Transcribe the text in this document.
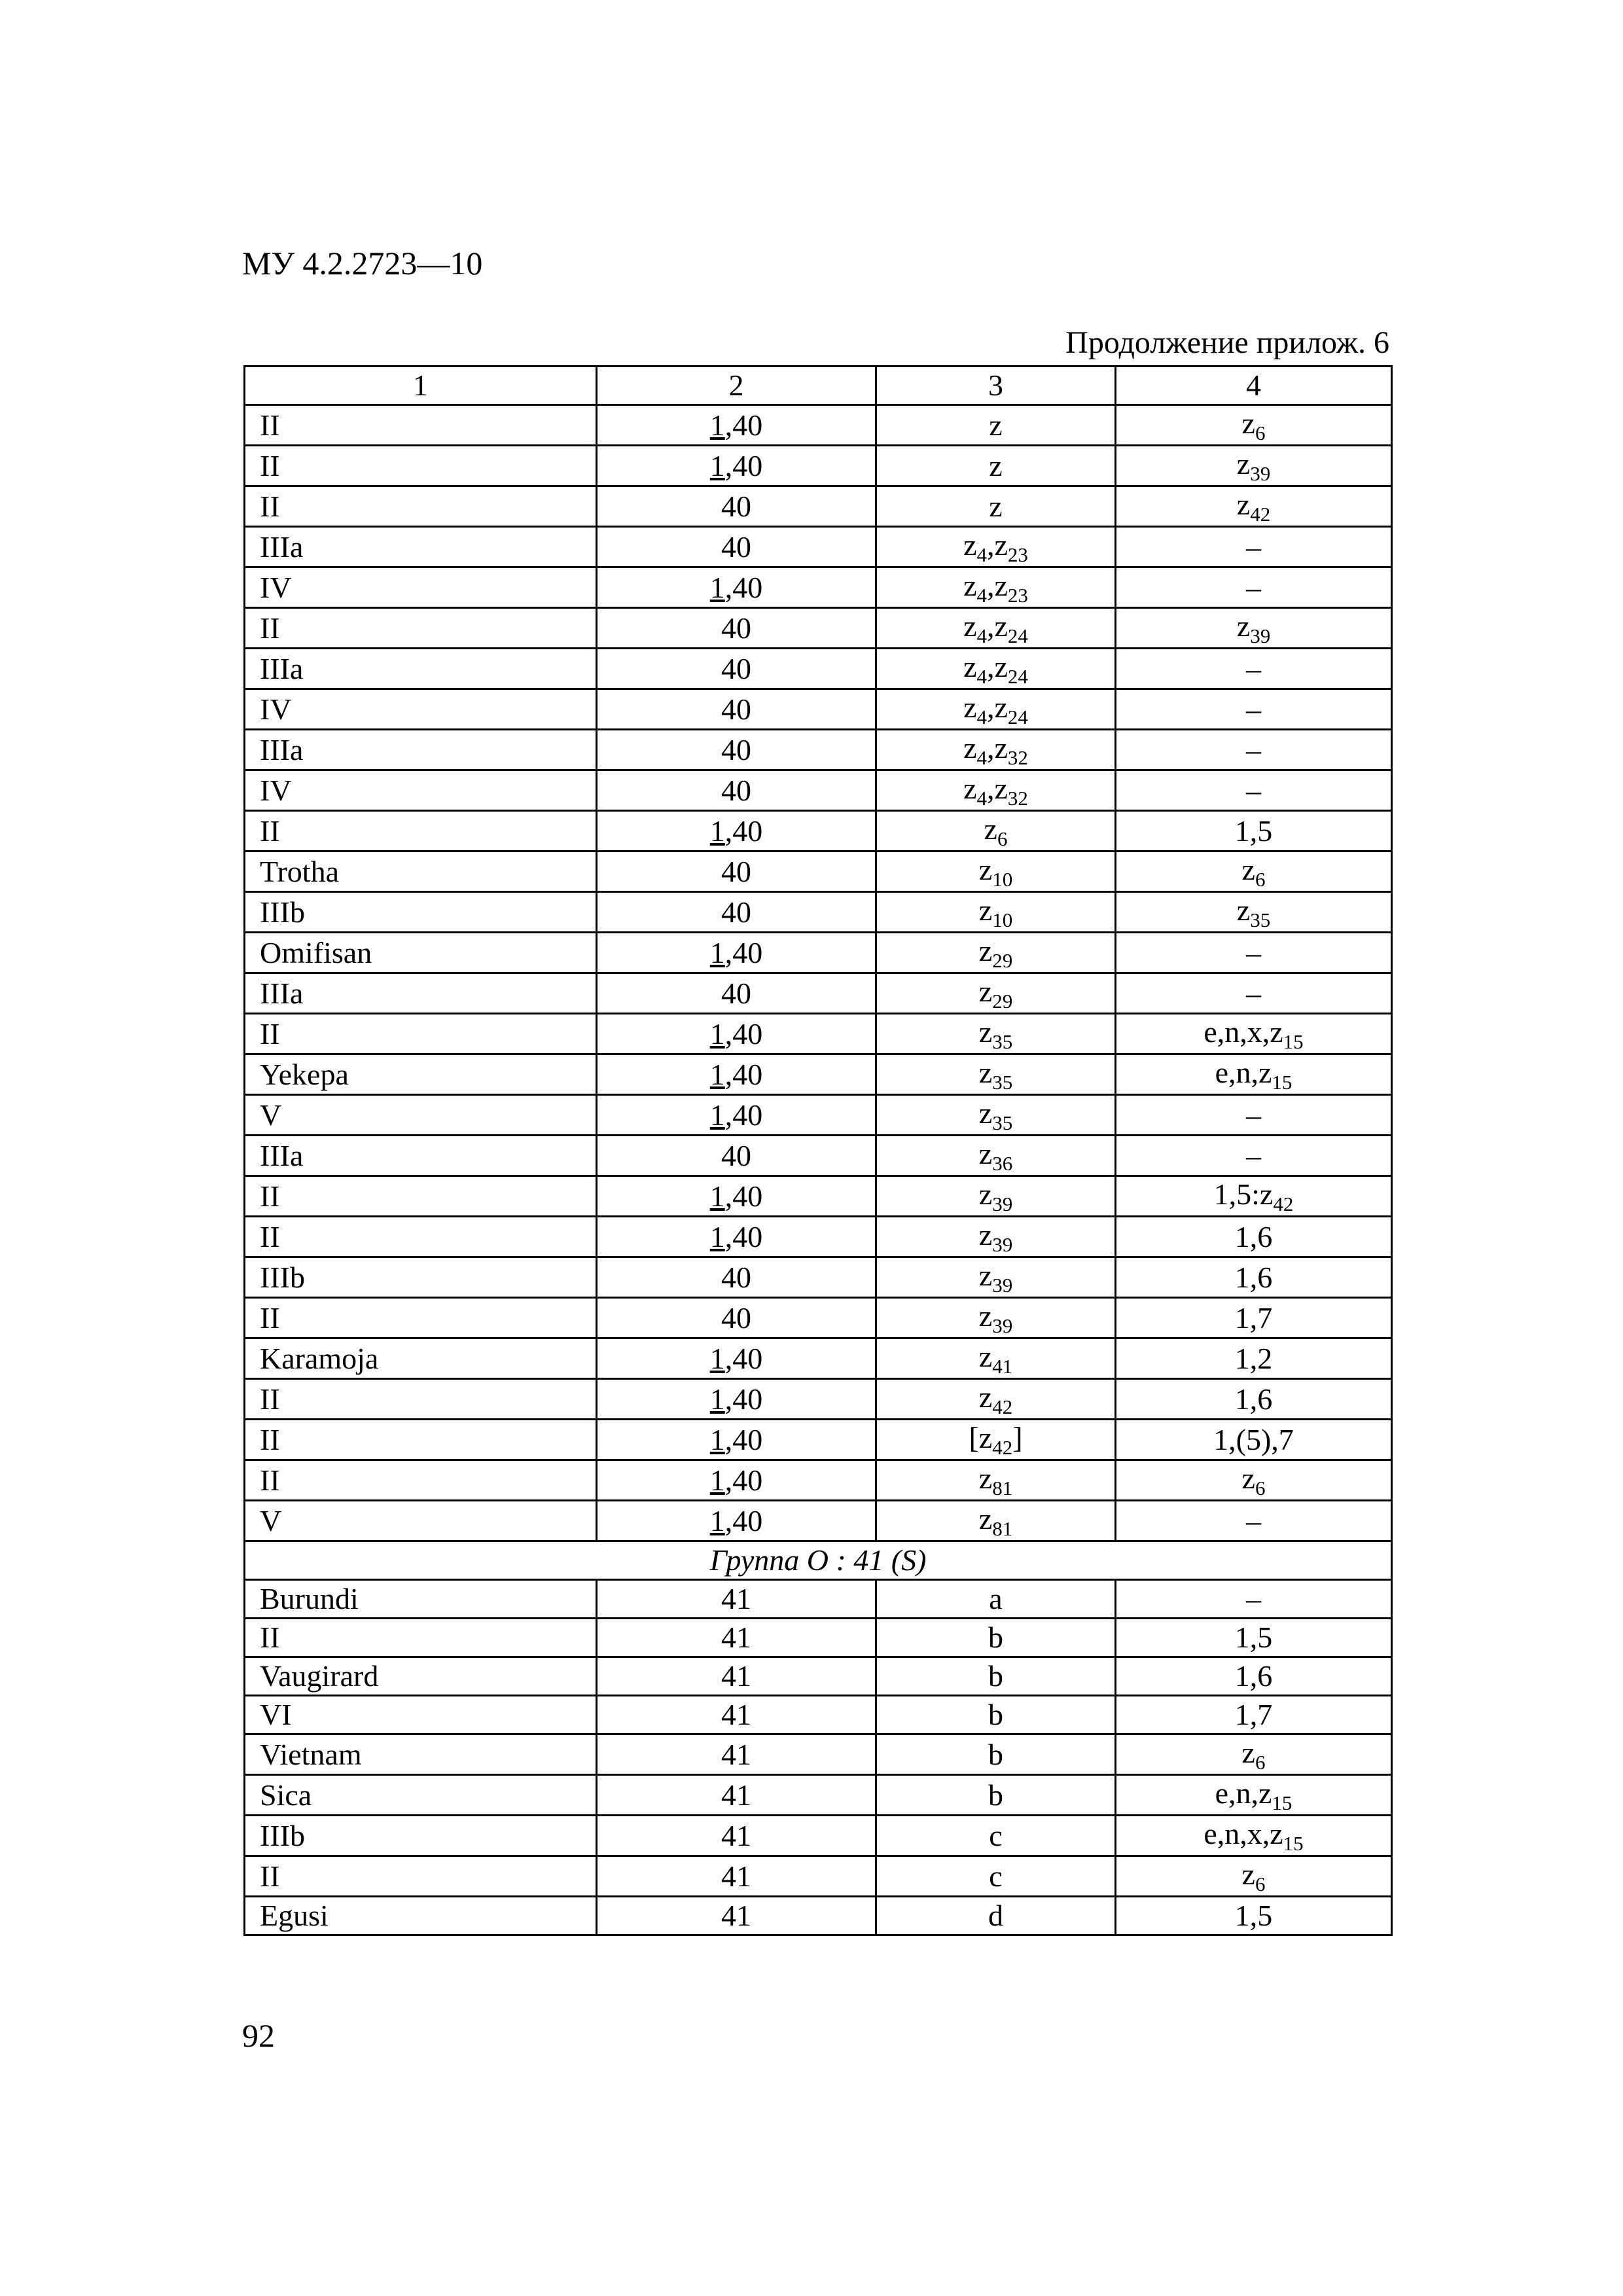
МУ 4.2.2723—10
Продолжение прилож. 6
1	2	3	4
II	1,40	z	$z_6$
II	1,40	z	$z_{39}$
II	40	z	$z_{42}$
IIIa	40	$z_4,z_{23}$	–
IV	1,40	$z_4,z_{23}$	–
II	40	$z_4,z_{24}$	$z_{39}$
IIIa	40	$z_4,z_{24}$	–
IV	40	$z_4,z_{24}$	–
IIIa	40	$z_4,z_{32}$	–
IV	40	$z_4,z_{32}$	–
II	1,40	$z_6$	1,5
Trotha	40	$z_{10}$	$z_6$
IIIb	40	$z_{10}$	$z_{35}$
Omifisan	1,40	$z_{29}$	–
IIIa	40	$z_{29}$	–
II	1,40	$z_{35}$	$e,n,x,z_{15}$
Yekepa	1,40	$z_{35}$	$e,n,z_{15}$
V	1,40	$z_{35}$	–
IIIa	40	$z_{36}$	–
II	1,40	$z_{39}$	$1,5:z_{42}$
II	1,40	$z_{39}$	1,6
IIIb	40	$z_{39}$	1,6
II	40	$z_{39}$	1,7
Karamoja	1,40	$z_{41}$	1,2
II	1,40	$z_{42}$	1,6
II	1,40	$[z_{42}]$	1,(5),7
II	1,40	$z_{81}$	$z_6$
V	1,40	$z_{81}$	–
Группа O : 41 (S)			
Burundi	41	a	–
II	41	b	1,5
Vaugirard	41	b	1,6
VI	41	b	1,7
Vietnam	41	b	$z_6$
Sica	41	b	$e,n,z_{15}$
IIIb	41	c	$e,n,x,z_{15}$
II	41	c	$z_6$
Egusi	41	d	1,5
92
